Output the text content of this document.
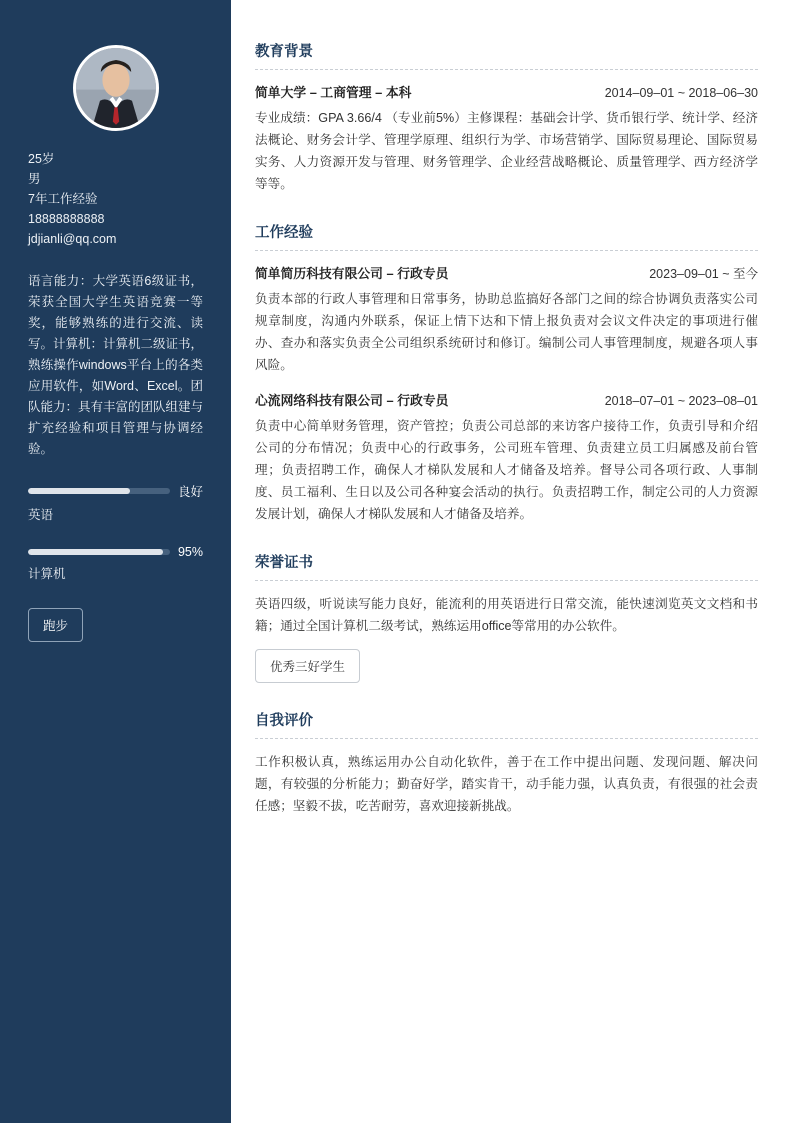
25岁
男
7年工作经验
18888888888
jdjianli@qq.com
语言能力：大学英语6级证书，荣获全国大学生英语竞赛一等奖，能够熟练的进行交流、读写。计算机：计算机二级证书，熟练操作windows平台上的各类应用软件，如Word、Excel。团队能力：具有丰富的团队组建与扩充经验和项目管理与协调经验。
良好
英语
95%
计算机
跑步
教育背景
简单大学 – 工商管理 – 本科	2014–09–01 ~ 2018–06–30

专业成绩：GPA 3.66/4 （专业前5%）主修课程：基础会计学、货币银行学、统计学、经济法概论、财务会计学、管理学原理、组织行为学、市场营销学、国际贸易理论、国际贸易实务、人力资源开发与管理、财务管理学、企业经营战略概论、质量管理学、西方经济学等等。

工作经验
简单简历科技有限公司 – 行政专员	2023–09–01 ~ 至今

负责本部的行政人事管理和日常事务，协助总监搞好各部门之间的综合协调负责落实公司规章制度，沟通内外联系，保证上情下达和下情上报负责对会议文件决定的事项进行催办、查办和落实负责全公司组织系统研讨和修订。编制公司人事管理制度，规避各项人事风险。

心流网络科技有限公司 – 行政专员	2018–07–01 ~ 2023–08–01

负责中心简单财务管理，资产管控；负责公司总部的来访客户接待工作，负责引导和介绍公司的分布情况；负责中心的行政事务，公司班车管理、负责建立员工归属感及前台管理；负责招聘工作，确保人才梯队发展和人才储备及培养。督导公司各项行政、人事制度、员工福利、生日以及公司各种宴会活动的执行。负责招聘工作，制定公司的人力资源发展计划，确保人才梯队发展和人才储备及培养。

荣誉证书

英语四级，听说读写能力良好，能流利的用英语进行日常交流，能快速浏览英文文档和书籍；通过全国计算机二级考试，熟练运用office等常用的办公软件。

优秀三好学生
自我评价

工作积极认真，熟练运用办公自动化软件，善于在工作中提出问题、发现问题、解决问题，有较强的分析能力；勤奋好学，踏实肯干，动手能力强，认真负责，有很强的社会责任感；坚毅不拔，吃苦耐劳，喜欢迎接新挑战。
